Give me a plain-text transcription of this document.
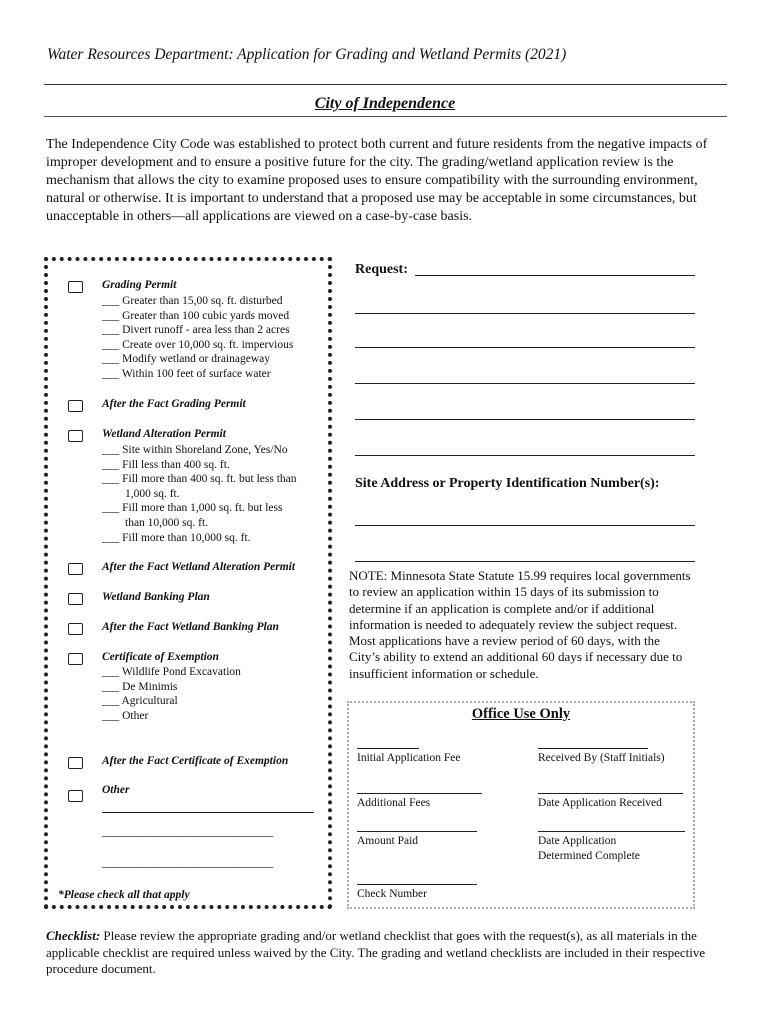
Water Resources Department: Application for Grading and Wetland Permits (2021)
City of Independence
The Independence City Code was established to protect both current and future residents from the negative impacts of improper development and to ensure a positive future for the city. The grading/wetland application review is the mechanism that allows the city to examine proposed uses to ensure compatibility with the surrounding environment, natural or otherwise. It is important to understand that a proposed use may be acceptable in some circumstances, but unacceptable in others—all applications are viewed on a case-by-case basis.
Grading Permit
___ Greater than 15,00 sq. ft. disturbed
___ Greater than 100 cubic yards moved
___ Divert runoff - area less than 2 acres
___ Create over 10,000 sq. ft. impervious
___ Modify wetland or drainageway
___ Within 100 feet of surface water
After the Fact Grading Permit
Wetland Alteration Permit
___ Site within Shoreland Zone, Yes/No
___ Fill less than 400 sq. ft.
___ Fill more than 400 sq. ft. but less than
1,000 sq. ft.
___ Fill more than 1,000 sq. ft. but less
than 10,000 sq. ft.
___ Fill more than 10,000 sq. ft.
After the Fact Wetland Alteration Permit
Wetland Banking Plan
After the Fact Wetland Banking Plan
Certificate of Exemption
___ Wildlife Pond Excavation
___ De Minimis
___ Agricultural
___ Other
After the Fact Certificate of Exemption
Other
______________________________
______________________________
*Please check all that apply
Request:
Site Address or Property Identification Number(s):
NOTE: Minnesota State Statute 15.99 requires local governments to review an application within 15 days of its submission to determine if an application is complete and/or if additional information is needed to adequately review the subject request. Most applications have a review period of 60 days, with the City’s ability to extend an additional 60 days if necessary due to insufficient information or schedule.
Office Use Only
Initial Application Fee	Received By (Staff Initials)
Additional Fees	Date Application Received
Amount Paid	Date Application
Determined Complete
Check Number
Checklist: Please review the appropriate grading and/or wetland checklist that goes with the request(s), as all materials in the applicable checklist are required unless waived by the City. The grading and wetland checklists are included in their respective procedure document.
